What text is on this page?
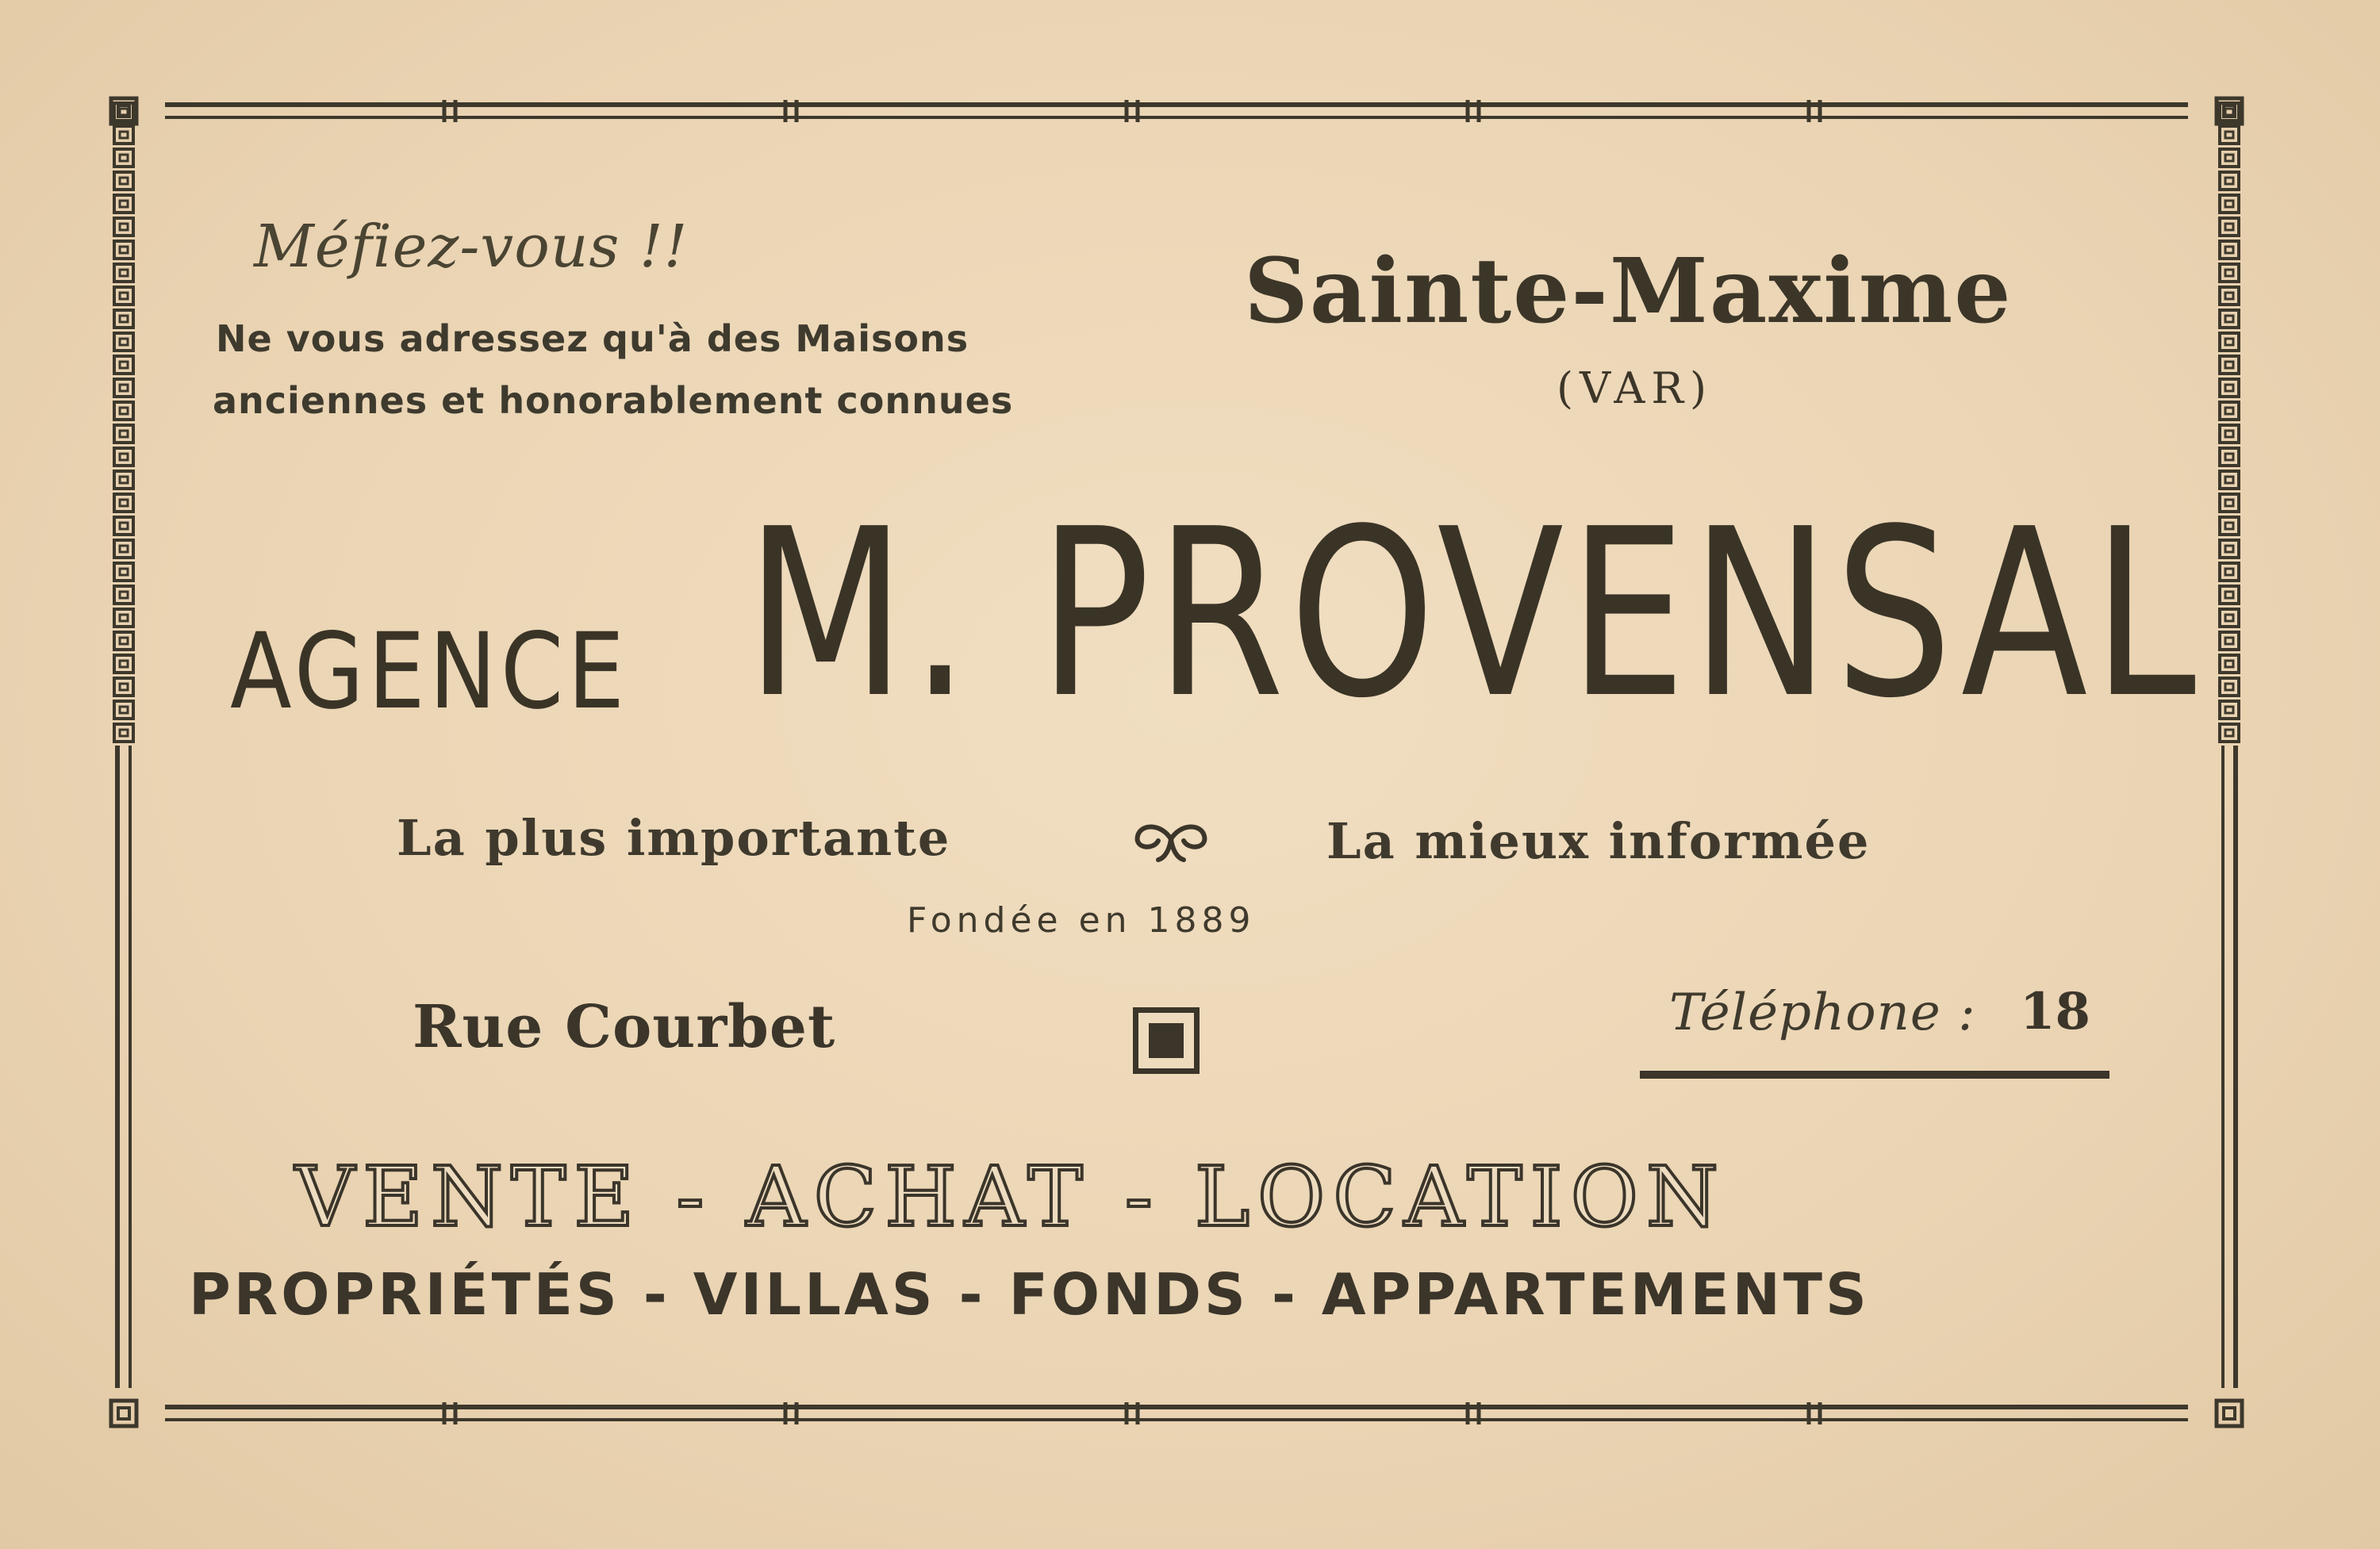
Méfiez-vous !!
Ne vous adressez qu'à des Maisons
anciennes et honorablement connues
Sainte-Maxime
(VAR)
AGENCE M. PROVENSAL
La plus importante	La mieux informée
Fondée en 1889
Rue Courbet	Téléphone : 18
VENTE - ACHAT - LOCATION
PROPRIÉTÉS - VILLAS - FONDS - APPARTEMENTS
